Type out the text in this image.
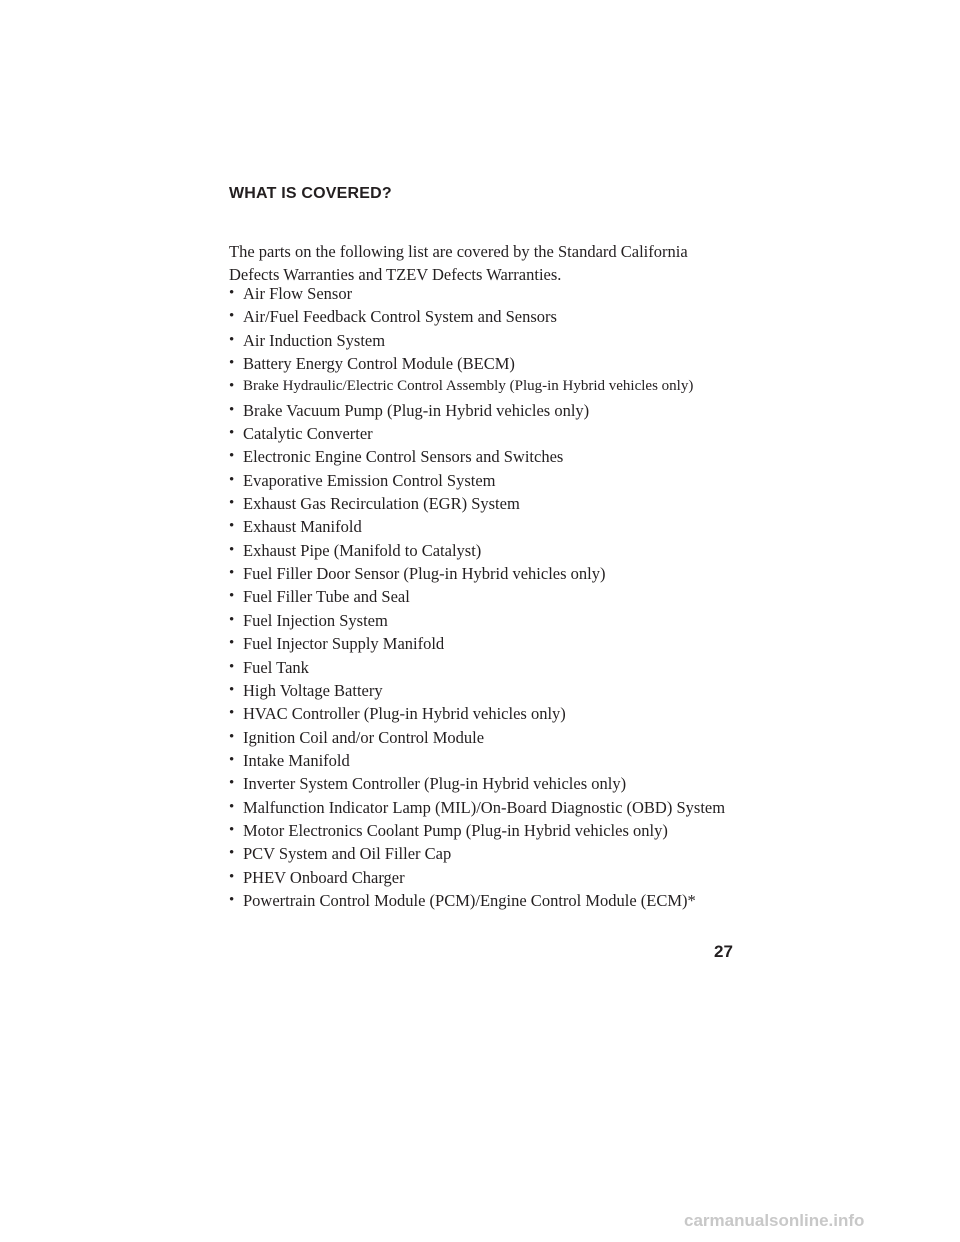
WHAT IS COVERED?

The parts on the following list are covered by the Standard California
Defects Warranties and TZEV Defects Warranties.

• Air Flow Sensor
• Air/Fuel Feedback Control System and Sensors
• Air Induction System
• Battery Energy Control Module (BECM)
• Brake Hydraulic/Electric Control Assembly (Plug-in Hybrid vehicles only)
• Brake Vacuum Pump (Plug-in Hybrid vehicles only)
• Catalytic Converter
• Electronic Engine Control Sensors and Switches
• Evaporative Emission Control System
• Exhaust Gas Recirculation (EGR) System
• Exhaust Manifold
• Exhaust Pipe (Manifold to Catalyst)
• Fuel Filler Door Sensor (Plug-in Hybrid vehicles only)
• Fuel Filler Tube and Seal
• Fuel Injection System
• Fuel Injector Supply Manifold
• Fuel Tank
• High Voltage Battery
• HVAC Controller (Plug-in Hybrid vehicles only)
• Ignition Coil and/or Control Module
• Intake Manifold
• Inverter System Controller (Plug-in Hybrid vehicles only)
• Malfunction Indicator Lamp (MIL)/On-Board Diagnostic (OBD) System
• Motor Electronics Coolant Pump (Plug-in Hybrid vehicles only)
• PCV System and Oil Filler Cap
• PHEV Onboard Charger
• Powertrain Control Module (PCM)/Engine Control Module (ECM)*
27
carmanualsonline.info
